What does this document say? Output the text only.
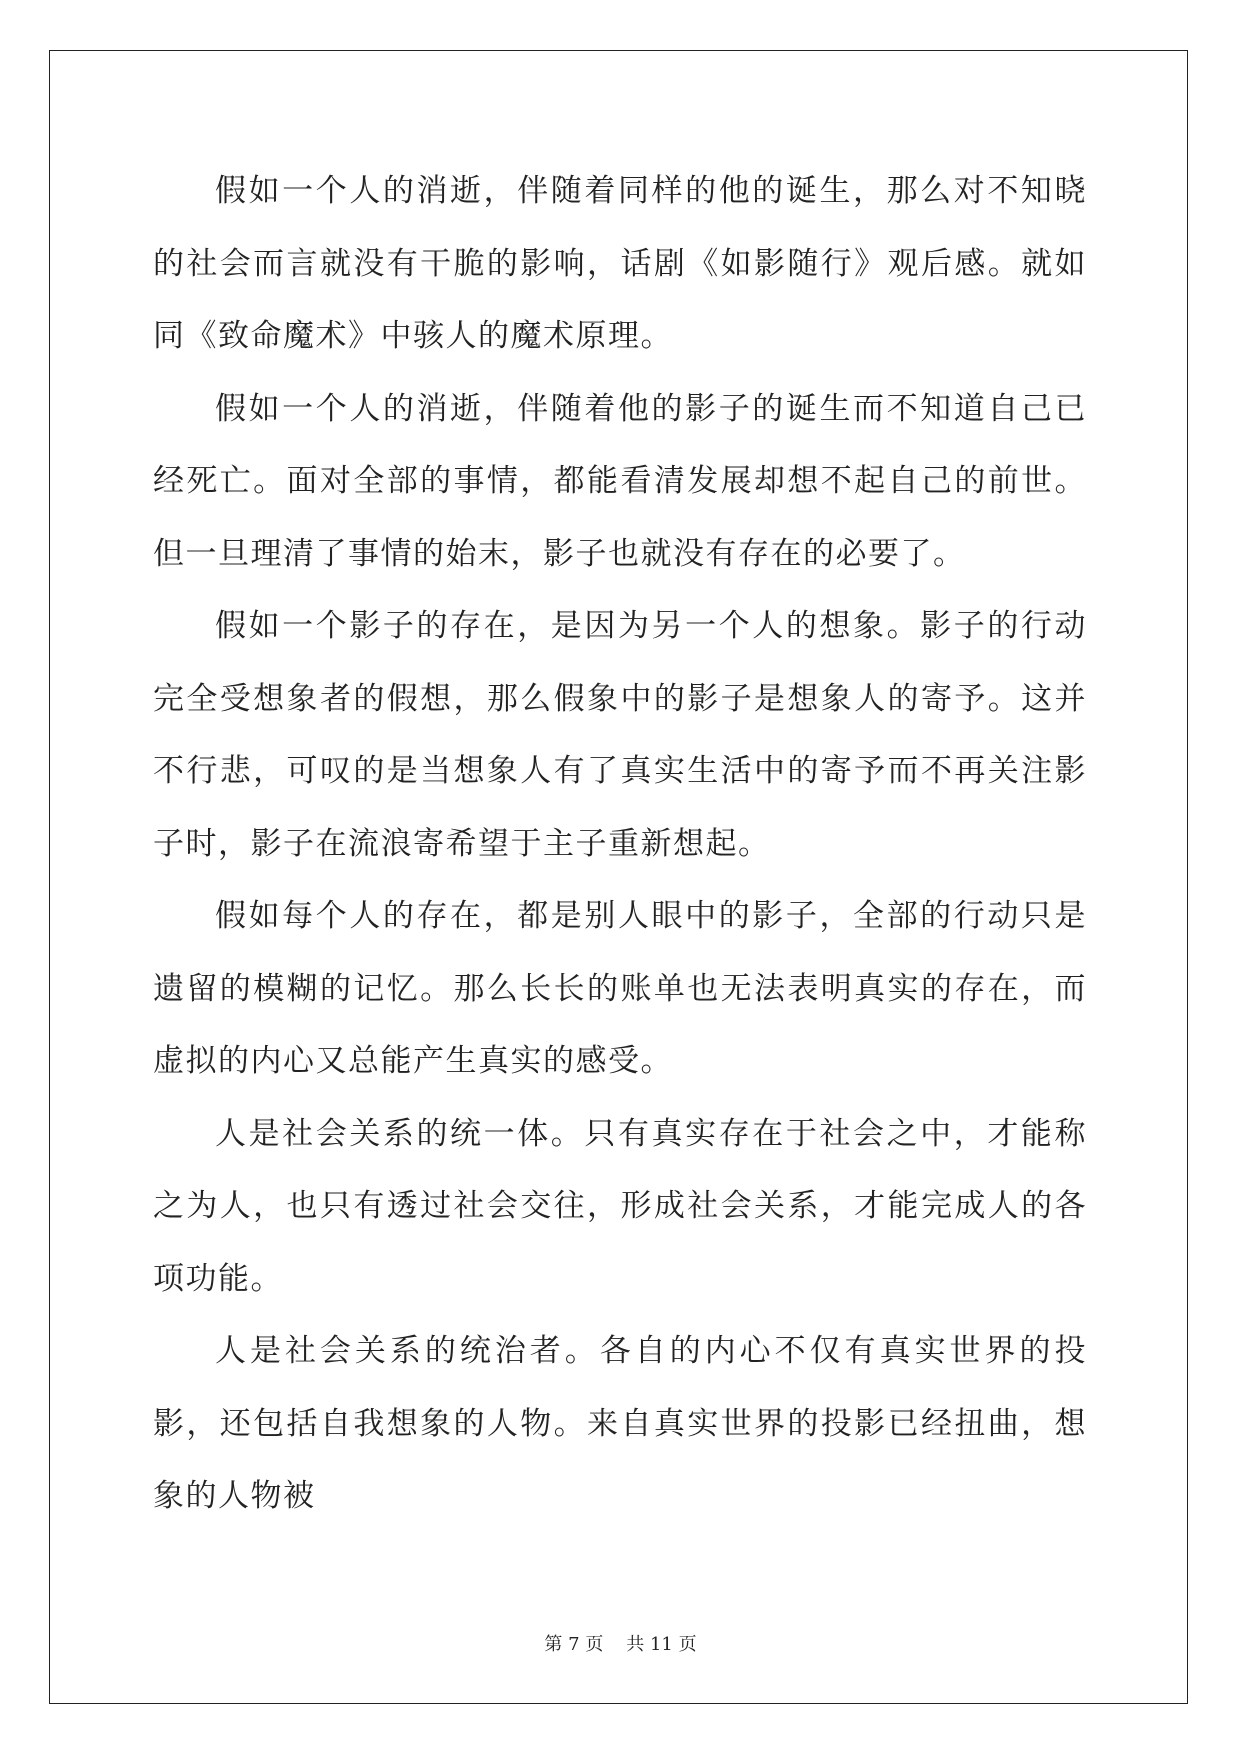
假如一个人的消逝，伴随着同样的他的诞生，那么对不知晓的社会而言就没有干脆的影响，话剧《如影随行》观后感。就如同《致命魔术》中骇人的魔术原理。

假如一个人的消逝，伴随着他的影子的诞生而不知道自己已经死亡。面对全部的事情，都能看清发展却想不起自己的前世。但一旦理清了事情的始末，影子也就没有存在的必要了。

假如一个影子的存在，是因为另一个人的想象。影子的行动完全受想象者的假想，那么假象中的影子是想象人的寄予。这并不行悲，可叹的是当想象人有了真实生活中的寄予而不再关注影子时，影子在流浪寄希望于主子重新想起。

假如每个人的存在，都是别人眼中的影子，全部的行动只是遗留的模糊的记忆。那么长长的账单也无法表明真实的存在，而虚拟的内心又总能产生真实的感受。

人是社会关系的统一体。只有真实存在于社会之中，才能称之为人，也只有透过社会交往，形成社会关系，才能完成人的各项功能。

人是社会关系的统治者。各自的内心不仅有真实世界的投影，还包括自我想象的人物。来自真实世界的投影已经扭曲，想象的人物被

第 7 页 共 11 页
